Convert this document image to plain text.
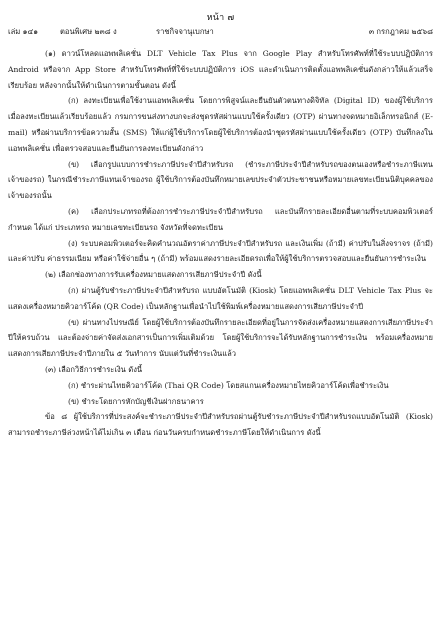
หน้า ๗
เล่ม ๑๔๑	ตอนพิเศษ ๒๓๘ ง	ราชกิจจานุเบกษา	๓ กรกฎาคม ๒๕๖๘

(๑) ดาวน์โหลดแอพพลิเคชั่น DLT Vehicle Tax Plus จาก Google Play สำหรับโทรศัพท์ที่ใช้ระบบปฏิบัติการ Android หรือจาก App Store สำหรับโทรศัพท์ที่ใช้ระบบปฏิบัติการ iOS และดำเนินการติดตั้งแอพพลิเคชั่นดังกล่าวให้แล้วเสร็จเรียบร้อย หลังจากนั้นให้ดำเนินการตามขั้นตอน ดังนี้

(ก) ลงทะเบียนเพื่อใช้งานแอพพลิเคชั่น โดยการพิสูจน์และยืนยันตัวตนทางดิจิทัล (Digital ID) ของผู้ใช้บริการ เมื่อลงทะเบียนแล้วเรียบร้อยแล้ว กรมการขนส่งทางบกจะส่งชุดรหัสผ่านแบบใช้ครั้งเดียว (OTP) ผ่านทางจดหมายอิเล็กทรอนิกส์ (E-mail) หรือผ่านบริการข้อความสั้น (SMS) ให้แก่ผู้ใช้บริการโดยผู้ใช้บริการต้องนำชุดรหัสผ่านแบบใช้ครั้งเดียว (OTP) บันทึกลงในแอพพลิเคชั่น เพื่อตรวจสอบและยืนยันการลงทะเบียนดังกล่าว

(ข) เลือกรูปแบบการชำระภาษีประจำปีสำหรับรถ (ชำระภาษีประจำปีสำหรับรถของตนเองหรือชำระภาษีแทนเจ้าของรถ) ในกรณีชำระภาษีแทนเจ้าของรถ ผู้ใช้บริการต้องบันทึกหมายเลขประจำตัวประชาชนหรือหมายเลขทะเบียนนิติบุคคลของเจ้าของรถนั้น

(ค) เลือกประเภทรถที่ต้องการชำระภาษีประจำปีสำหรับรถ และบันทึกรายละเอียดอื่นตามที่ระบบคอมพิวเตอร์กำหนด ได้แก่ ประเภทรถ หมายเลขทะเบียนรถ จังหวัดที่จดทะเบียน

(ง) ระบบคอมพิวเตอร์จะคิดคำนวณอัตราค่าภาษีประจำปีสำหรับรถ และเงินเพิ่ม (ถ้ามี) ค่าปรับในสิ่งจราจร (ถ้ามี) และค่าปรับ ค่าธรรมเนียม หรือค่าใช้จ่ายอื่น ๆ (ถ้ามี) พร้อมแสดงรายละเอียดรถเพื่อให้ผู้ใช้บริการตรวจสอบและยืนยันการชำระเงิน

(๒) เลือกช่องทางการรับเครื่องหมายแสดงการเสียภาษีประจำปี ดังนี้

(ก) ผ่านตู้รับชำระภาษีประจำปีสำหรับรถ แบบอัตโนมัติ (Kiosk) โดยแอพพลิเคชั่น DLT Vehicle Tax Plus จะแสดงเครื่องหมายคิวอาร์โค้ด (QR Code) เป็นหลักฐานเพื่อนำไปใช้พิมพ์เครื่องหมายแสดงการเสียภาษีประจำปี

(ข) ผ่านทางไปรษณีย์ โดยผู้ใช้บริการต้องบันทึกรายละเอียดที่อยู่ในการจัดส่งเครื่องหมายแสดงการเสียภาษีประจำปีให้ครบถ้วน และต้องจ่ายค่าจัดส่งเอกสารเป็นการเพิ่มเติมด้วย โดยผู้ใช้บริการจะได้รับหลักฐานการชำระเงิน พร้อมเครื่องหมายแสดงการเสียภาษีประจำปีภายใน ๕ วันทำการ นับแต่วันที่ชำระเงินแล้ว

(๓) เลือกวิธีการชำระเงิน ดังนี้

(ก) ชำระผ่านไทยคิวอาร์โค้ด (Thai QR Code) โดยสแกนเครื่องหมายไทยคิวอาร์โค้ดเพื่อชำระเงิน

(ข) ชำระโดยการหักบัญชีเงินฝากธนาคาร

ข้อ ๘ ผู้ใช้บริการที่ประสงค์จะชำระภาษีประจำปีสำหรับรถผ่านตู้รับชำระภาษีประจำปีสำหรับรถแบบอัตโนมัติ (Kiosk) สามารถชำระภาษีล่วงหน้าได้ไม่เกิน ๓ เดือน ก่อนวันครบกำหนดชำระภาษีโดยให้ดำเนินการ ดังนี้
